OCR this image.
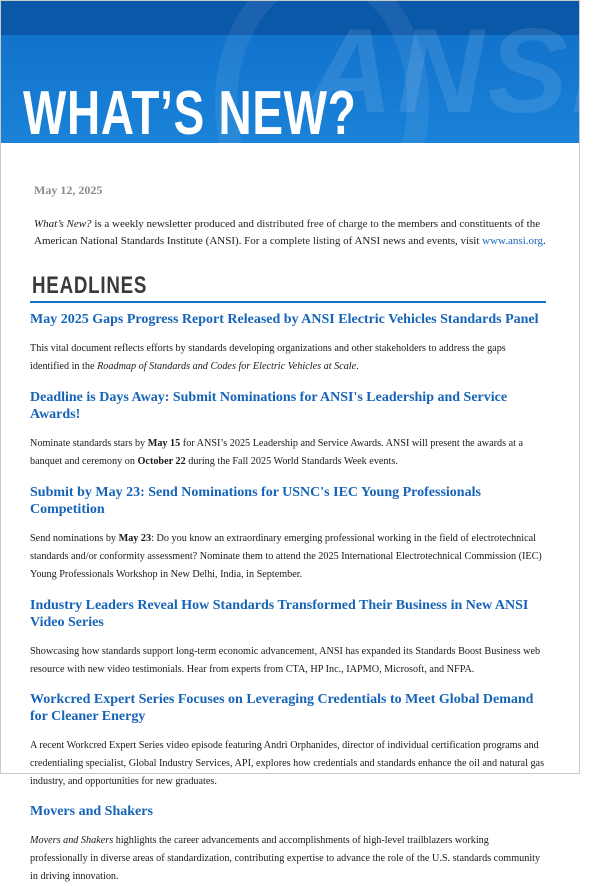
ANSI
WHAT’S NEW?
May 12, 2025

What’s New? is a weekly newsletter produced and distributed free of charge to the members and constituents of the American National Standards Institute (ANSI). For a complete listing of ANSI news and events, visit www.ansi.org.

HEADLINES
May 2025 Gaps Progress Report Released by ANSI Electric Vehicles Standards Panel

This vital document reflects efforts by standards developing organizations and other stakeholders to address the gaps identified in the Roadmap of Standards and Codes for Electric Vehicles at Scale.

Deadline is Days Away: Submit Nominations for ANSI's Leadership and Service Awards!

Nominate standards stars by May 15 for ANSI’s 2025 Leadership and Service Awards. ANSI will present the awards at a banquet and ceremony on October 22 during the Fall 2025 World Standards Week events.

Submit by May 23: Send Nominations for USNC's IEC Young Professionals Competition

Send nominations by May 23: Do you know an extraordinary emerging professional working in the field of electrotechnical standards and/or conformity assessment? Nominate them to attend the 2025 International Electrotechnical Commission (IEC) Young Professionals Workshop in New Delhi, India, in September.

Industry Leaders Reveal How Standards Transformed Their Business in New ANSI Video Series

Showcasing how standards support long-term economic advancement, ANSI has expanded its Standards Boost Business web resource with new video testimonials. Hear from experts from CTA, HP Inc., IAPMO, Microsoft, and NFPA.

Workcred Expert Series Focuses on Leveraging Credentials to Meet Global Demand for Cleaner Energy

A recent Workcred Expert Series video episode featuring Andri Orphanides, director of individual certification programs and credentialing specialist, Global Industry Services, API, explores how credentials and standards enhance the oil and natural gas industry, and opportunities for new graduates.

Movers and Shakers

Movers and Shakers highlights the career advancements and accomplishments of high-level trailblazers working professionally in diverse areas of standardization, contributing expertise to advance the role of the U.S. standards community in driving innovation.
